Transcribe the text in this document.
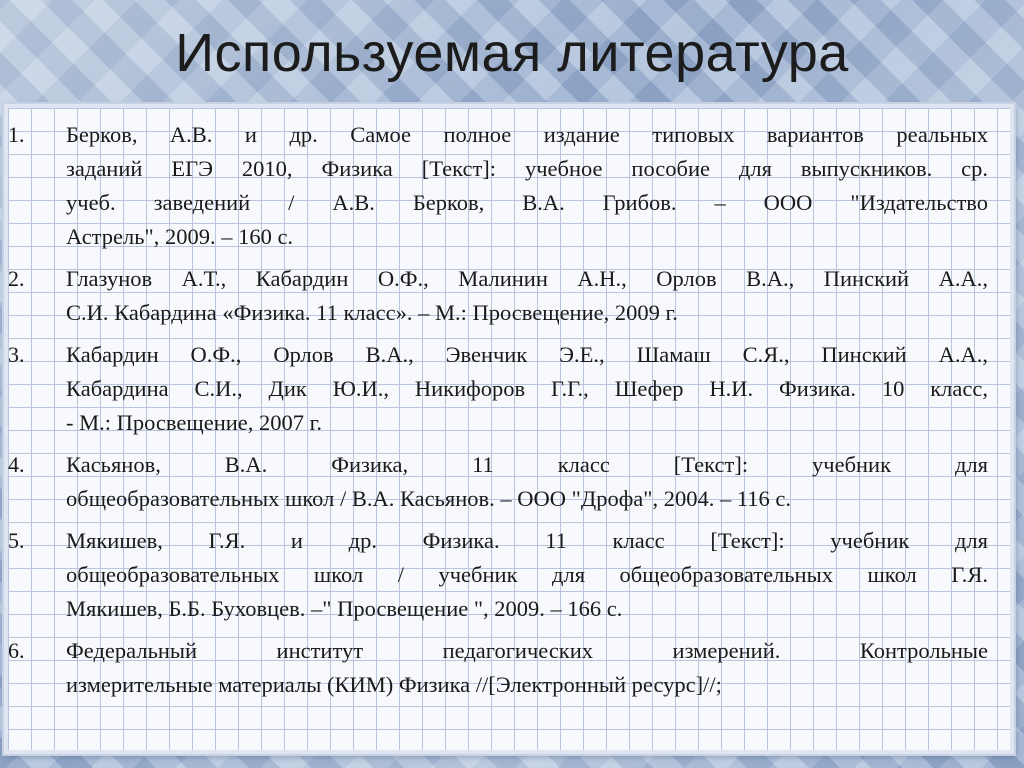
Используемая литература
1.	Берков, А.В. и др. Самое полное издание типовых вариантов реальных
заданий ЕГЭ 2010, Физика [Текст]: учебное пособие для выпускников. ср.
учеб. заведений / А.В. Берков, В.А. Грибов. – ООО "Издательство
Астрель", 2009. – 160 с.
2.	Глазунов А.Т., Кабардин О.Ф., Малинин А.Н., Орлов В.А., Пинский А.А.,
С.И. Кабардина «Физика. 11 класс». – М.: Просвещение, 2009 г.
3.	Кабардин О.Ф., Орлов В.А., Эвенчик Э.Е., Шамаш С.Я., Пинский А.А.,
Кабардина С.И., Дик Ю.И., Никифоров Г.Г., Шефер Н.И. Физика. 10 класс,
- М.: Просвещение, 2007 г.
4.	Касьянов, В.А. Физика, 11 класс [Текст]: учебник для
общеобразовательных школ / В.А. Касьянов. – ООО "Дрофа", 2004. – 116 с.
5.	Мякишев, Г.Я. и др. Физика. 11 класс [Текст]: учебник для
общеобразовательных школ / учебник для общеобразовательных школ Г.Я.
Мякишев, Б.Б. Буховцев. –" Просвещение ", 2009. – 166 с.
6.	Федеральный институт педагогических измерений. Контрольные
измерительные материалы (КИМ) Физика //[Электронный ресурс]//;
